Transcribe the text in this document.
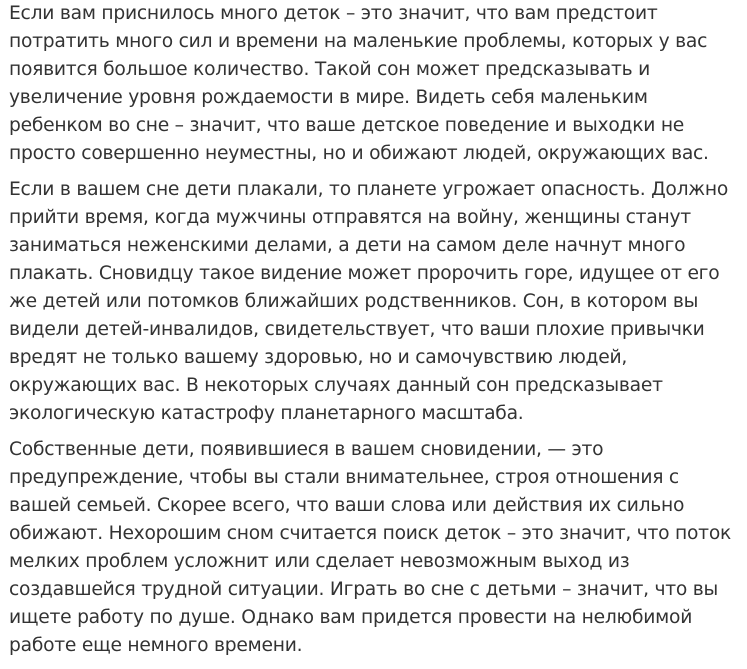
Если вам приснилось много деток – это значит, что вам предстоит
потратить много сил и времени на маленькие проблемы, которых у вас
появится большое количество. Такой сон может предсказывать и
увеличение уровня рождаемости в мире. Видеть себя маленьким
ребенком во сне – значит, что ваше детское поведение и выходки не
просто совершенно неуместны, но и обижают людей, окружающих вас.

Если в вашем сне дети плакали, то планете угрожает опасность. Должно
прийти время, когда мужчины отправятся на войну, женщины станут
заниматься неженскими делами, а дети на самом деле начнут много
плакать. Сновидцу такое видение может пророчить горе, идущее от его
же детей или потомков ближайших родственников. Сон, в котором вы
видели детей-инвалидов, свидетельствует, что ваши плохие привычки
вредят не только вашему здоровью, но и самочувствию людей,
окружающих вас. В некоторых случаях данный сон предсказывает
экологическую катастрофу планетарного масштаба.

Собственные дети, появившиеся в вашем сновидении, — это
предупреждение, чтобы вы стали внимательнее, строя отношения с
вашей семьей. Скорее всего, что ваши слова или действия их сильно
обижают. Нехорошим сном считается поиск деток – это значит, что поток
мелких проблем усложнит или сделает невозможным выход из
создавшейся трудной ситуации. Играть во сне с детьми – значит, что вы
ищете работу по душе. Однако вам придется провести на нелюбимой
работе еще немного времени.
